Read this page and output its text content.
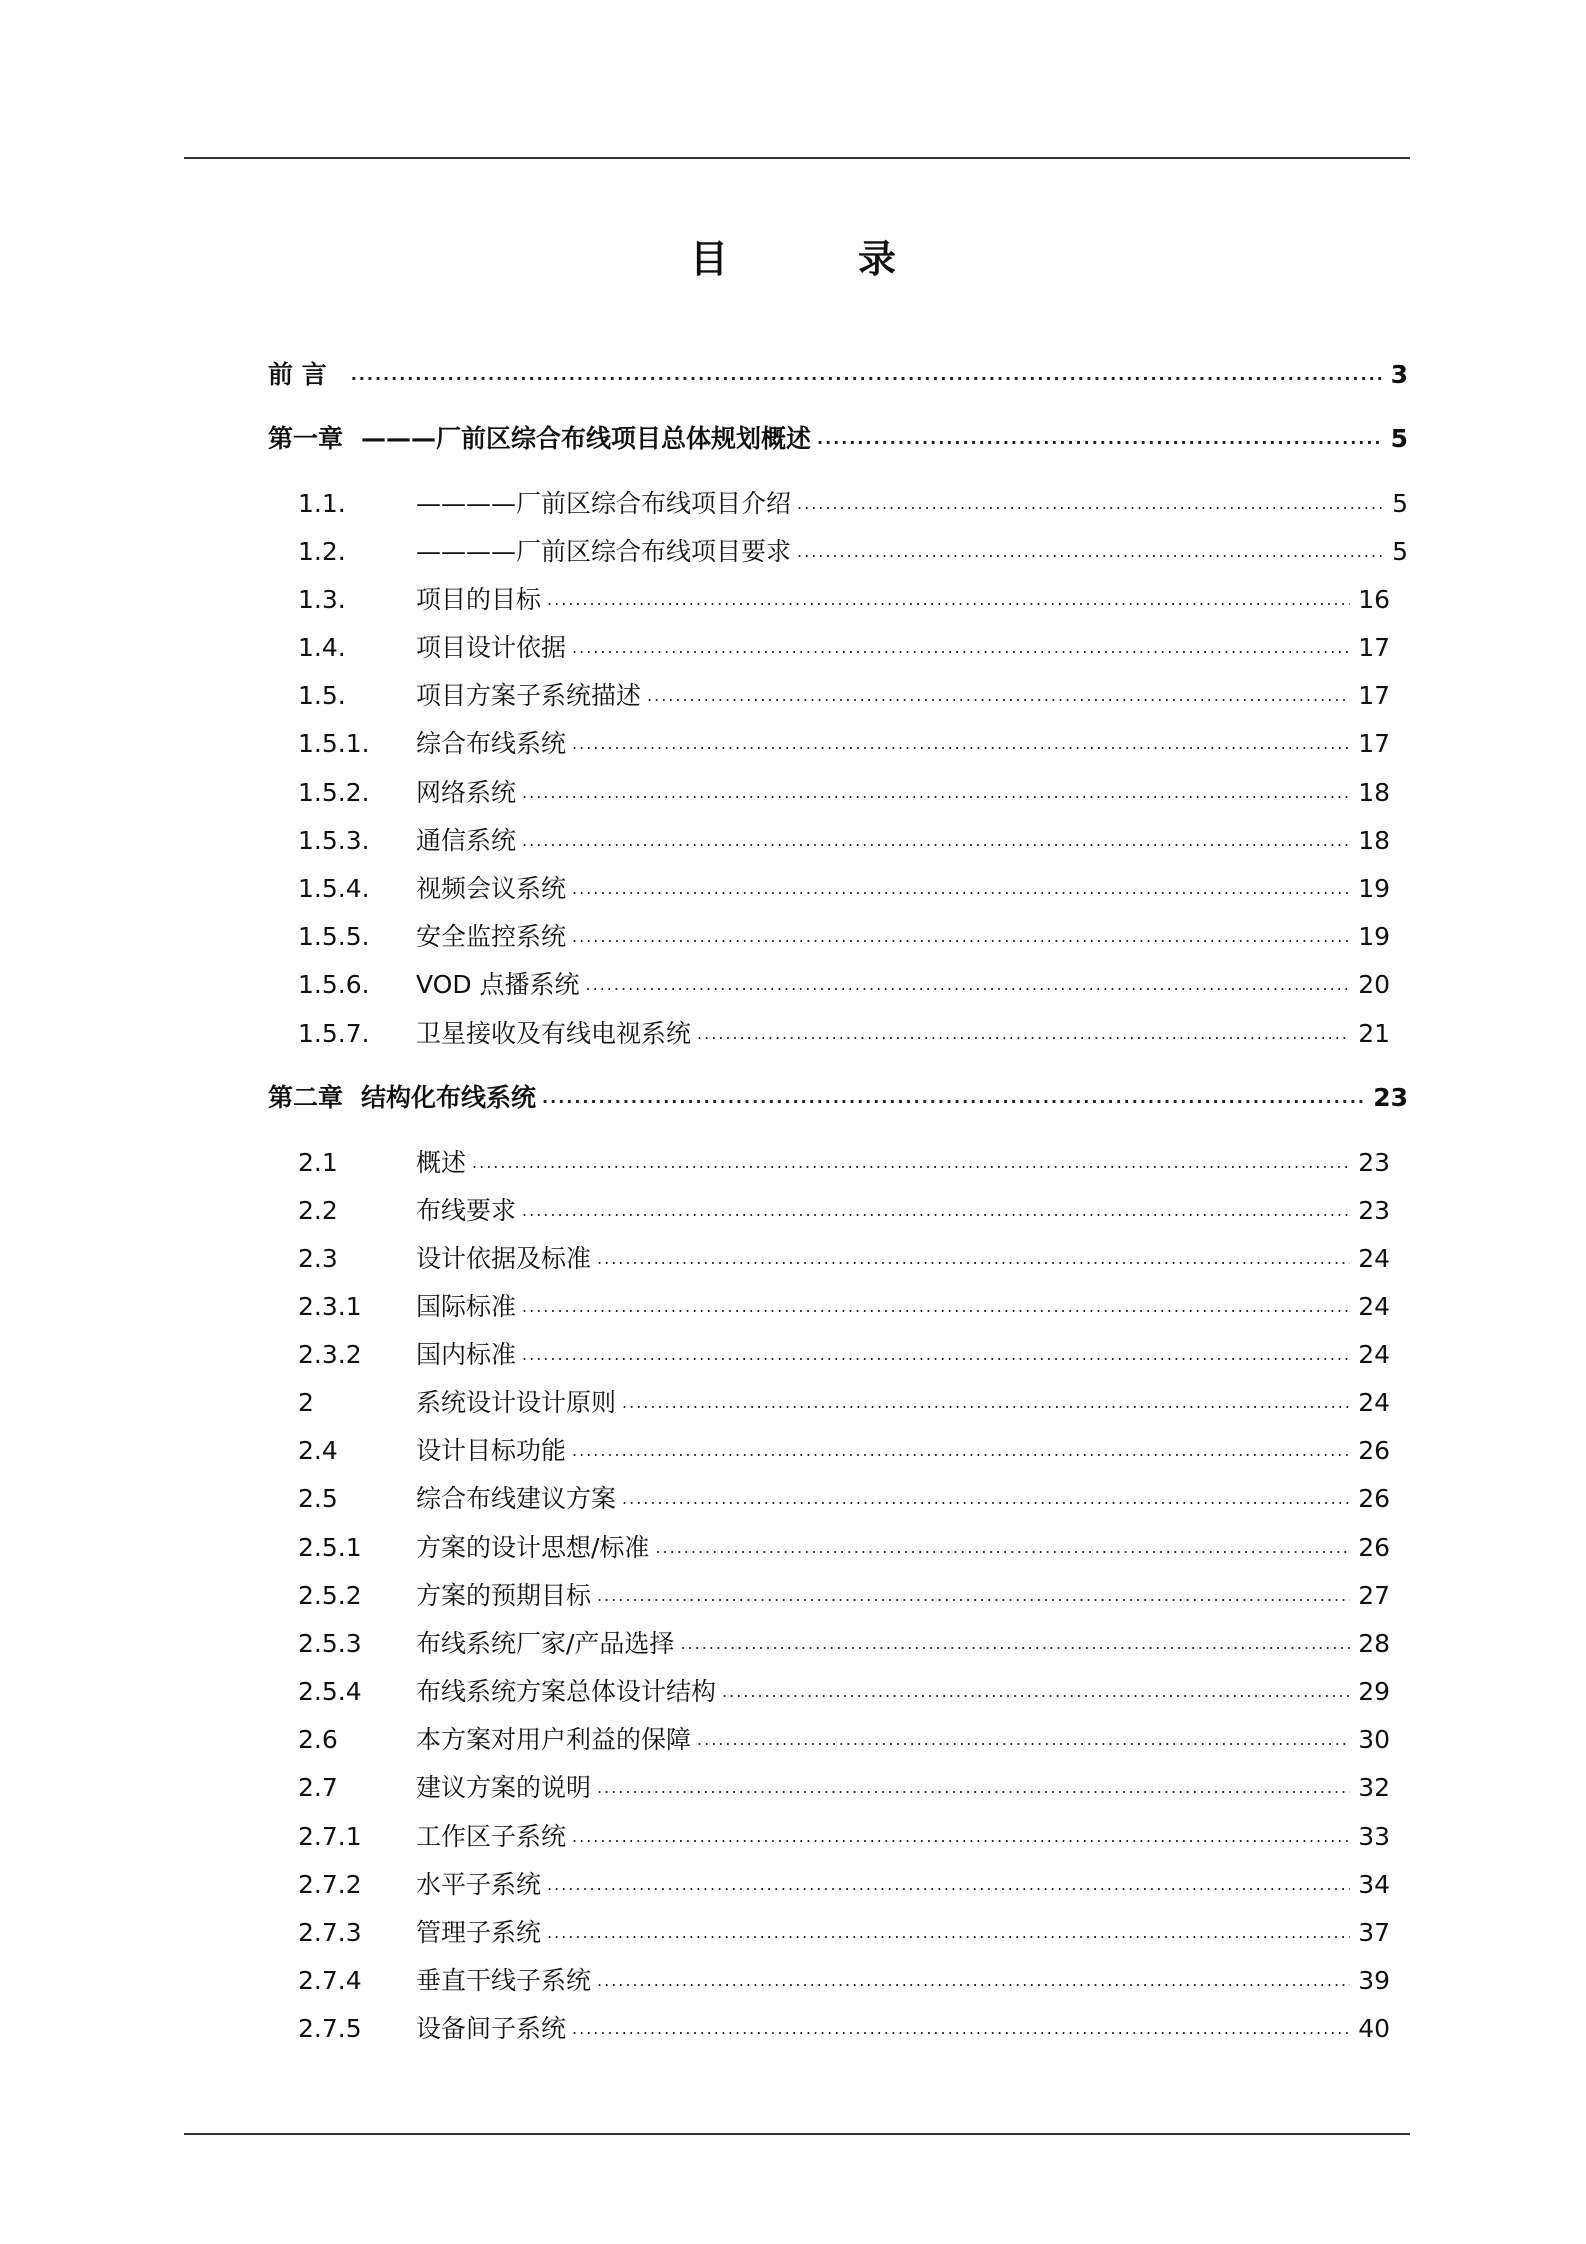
目　录
前 言 .....	3
第一章 ———厂前区综合布线项目总体规划概述 .....	5
1.1.	————厂前区综合布线项目介绍 .....	5
1.2.	————厂前区综合布线项目要求 .....	5
1.3.	项目的目标 .....	16
1.4.	项目设计依据 .....	17
1.5.	项目方案子系统描述 .....	17
1.5.1.	综合布线系统 .....	17
1.5.2.	网络系统 .....	18
1.5.3.	通信系统 .....	18
1.5.4.	视频会议系统 .....	19
1.5.5.	安全监控系统 .....	19
1.5.6.	VOD 点播系统 .....	20
1.5.7.	卫星接收及有线电视系统 .....	21
第二章 结构化布线系统 .....	23
2.1	概述 .....	23
2.2	布线要求 .....	23
2.3	设计依据及标准 .....	24
2.3.1	国际标准 .....	24
2.3.2	国内标准 .....	24
2	系统设计设计原则 .....	24
2.4	设计目标功能 .....	26
2.5	综合布线建议方案 .....	26
2.5.1	方案的设计思想/标准 .....	26
2.5.2	方案的预期目标 .....	27
2.5.3	布线系统厂家/产品选择 .....	28
2.5.4	布线系统方案总体设计结构 .....	29
2.6	本方案对用户利益的保障 .....	30
2.7	建议方案的说明 .....	32
2.7.1	工作区子系统 .....	33
2.7.2	水平子系统 .....	34
2.7.3	管理子系统 .....	37
2.7.4	垂直干线子系统 .....	39
2.7.5	设备间子系统 .....	40
